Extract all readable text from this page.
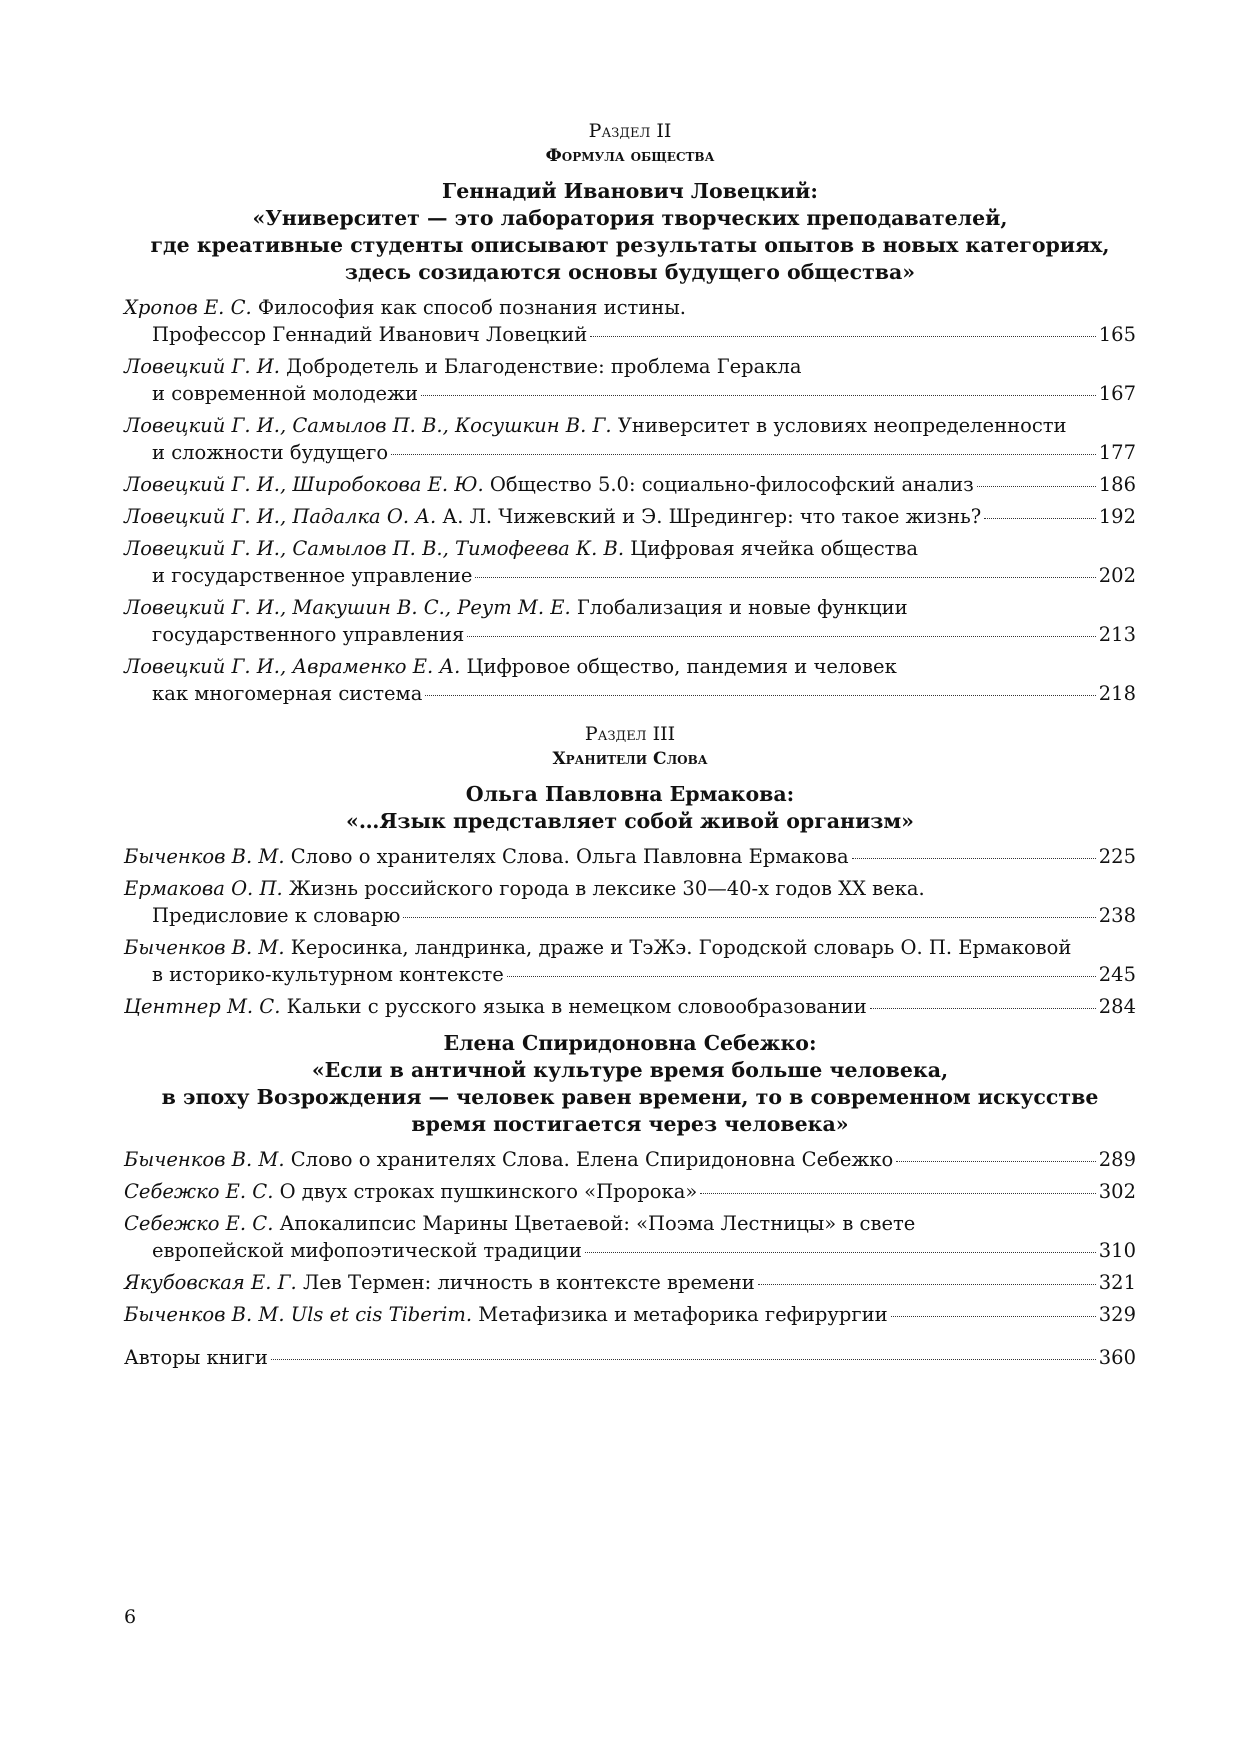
Раздел II
Формула общества
Геннадий Иванович Ловецкий:
«Университет — это лаборатория творческих преподавателей,
где креативные студенты описывают результаты опытов в новых категориях,
здесь созидаются основы будущего общества»
Хропов Е. С. Философия как способ познания истины.
Профессор Геннадий Иванович Ловецкий	165
Ловецкий Г. И. Добродетель и Благоденствие: проблема Геракла
и современной молодежи	167
Ловецкий Г. И., Самылов П. В., Косушкин В. Г. Университет в условиях неопределенности
и сложности будущего	177
Ловецкий Г. И., Широбокова Е. Ю. Общество 5.0: социально-философский анализ	186
Ловецкий Г. И., Падалка О. А. А. Л. Чижевский и Э. Шредингер: что такое жизнь?	192
Ловецкий Г. И., Самылов П. В., Тимофеева К. В. Цифровая ячейка общества
и государственное управление	202
Ловецкий Г. И., Макушин В. С., Реут М. Е. Глобализация и новые функции
государственного управления	213
Ловецкий Г. И., Авраменко Е. А. Цифровое общество, пандемия и человек
как многомерная система	218
Раздел III
Хранители Слова
Ольга Павловна Ермакова:
«…Язык представляет собой живой организм»
Быченков В. М. Слово о хранителях Слова. Ольга Павловна Ермакова	225
Ермакова О. П. Жизнь российского города в лексике 30—40-х годов XX века.
Предисловие к словарю	238
Быченков В. М. Керосинка, ландринка, драже и ТэЖэ. Городской словарь О. П. Ермаковой
в историко-культурном контексте	245
Центнер М. С. Кальки с русского языка в немецком словообразовании	284
Елена Спиридоновна Себежко:
«Если в античной культуре время больше человека,
в эпоху Возрождения — человек равен времени, то в современном искусстве
время постигается через человека»
Быченков В. М. Слово о хранителях Слова. Елена Спиридоновна Себежко	289
Себежко Е. С. О двух строках пушкинского «Пророка»	302
Себежко Е. С. Апокалипсис Марины Цветаевой: «Поэма Лестницы» в свете
европейской мифопоэтической традиции	310
Якубовская Е. Г. Лев Термен: личность в контексте времени	321
Быченков В. М. Uls et cis Tiberim. Метафизика и метафорика гефирургии	329
Авторы книги	360
6
